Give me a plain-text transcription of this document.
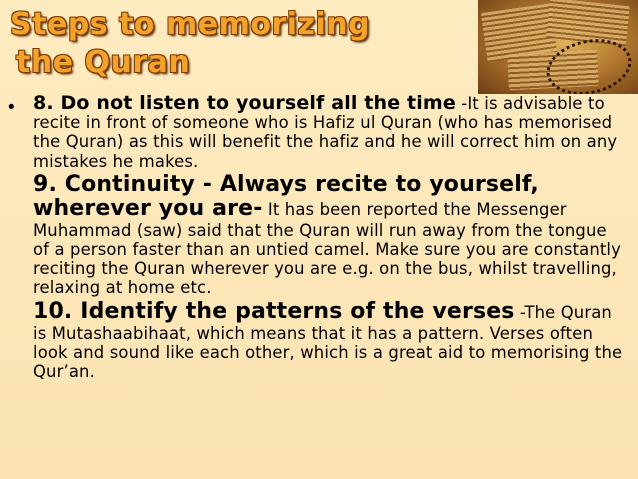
Steps to memorizing
the Quran
• 8. Do not listen to yourself all the time -It is advisable to recite in front of someone who is Hafiz ul Quran (who has memorised the Quran) as this will benefit the hafiz and he will correct him on any mistakes he makes.
9. Continuity - Always recite to yourself, wherever you are- It has been reported the Messenger Muhammad (saw) said that the Quran will run away from the tongue of a person faster than an untied camel. Make sure you are constantly reciting the Quran wherever you are e.g. on the bus, whilst travelling, relaxing at home etc.
10. Identify the patterns of the verses -The Quran is Mutashaabihaat, which means that it has a pattern. Verses often look and sound like each other, which is a great aid to memorising the Qur’an.
